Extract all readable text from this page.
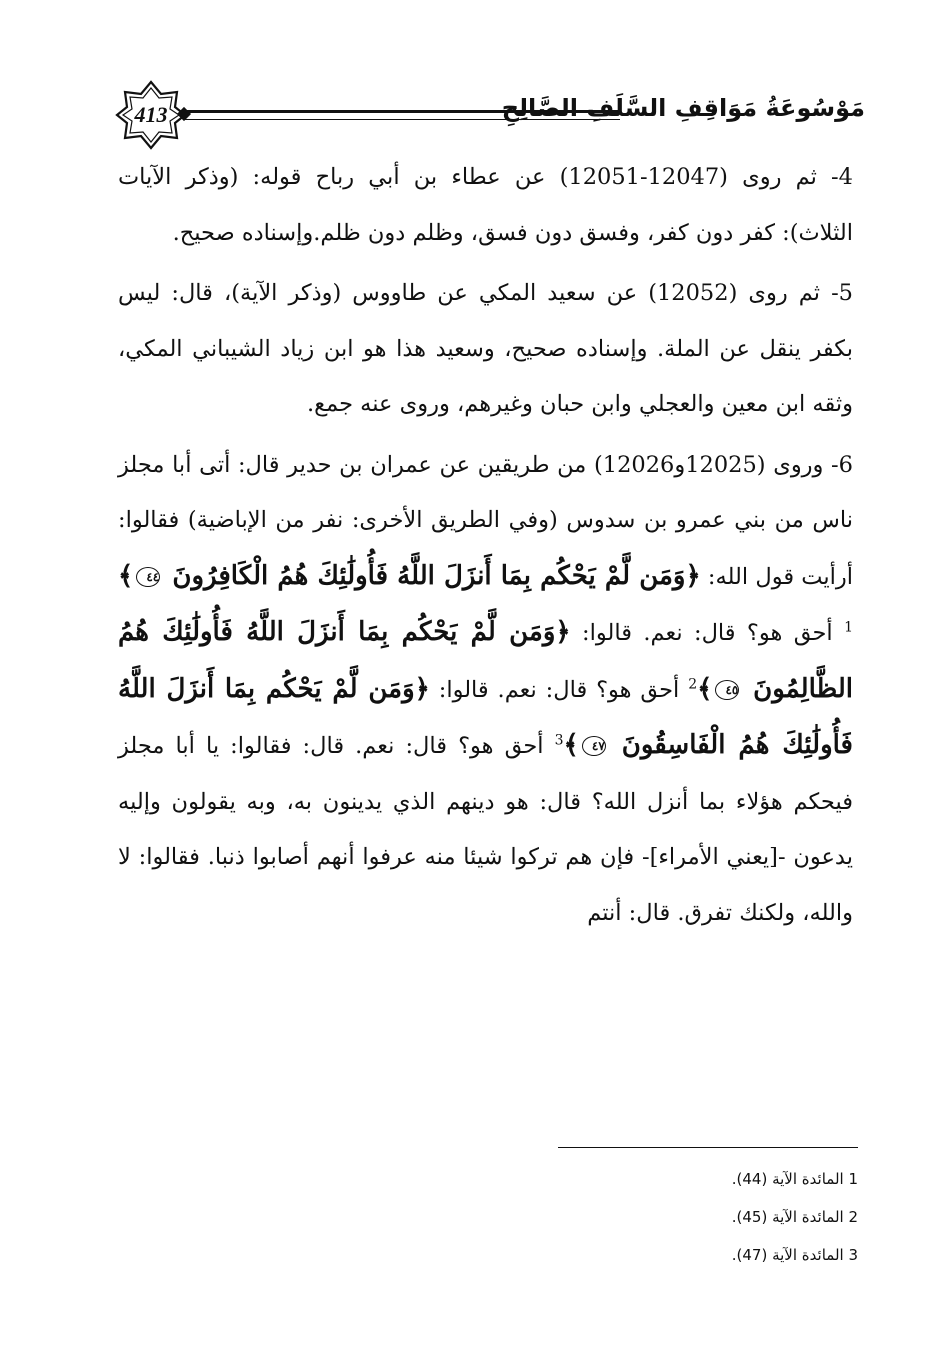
413	مَوْسُوعَةُ مَوَاقِفِ السَّلَفِ الصَّالِحِ

4- ثم روى (12047-12051) عن عطاء بن أبي رباح قوله: (وذكر الآيات الثلاث): كفر دون كفر، وفسق دون فسق، وظلم دون ظلم.وإسناده صحيح.

5- ثم روى (12052) عن سعيد المكي عن طاووس (وذكر الآية)، قال: ليس بكفر ينقل عن الملة. وإسناده صحيح، وسعيد هذا هو ابن زياد الشيباني المكي، وثقه ابن معين والعجلي وابن حبان وغيرهم، وروى عنه جمع.

6- وروى (12025و12026) من طريقين عن عمران بن حدير قال: أتى أبا مجلز ناس من بني عمرو بن سدوس (وفي الطريق الأخرى: نفر من الإباضية) فقالوا: أرأيت قول الله: ﴿وَمَن لَّمْ يَحْكُم بِمَا أَنزَلَ اللَّهُ فَأُولَٰئِكَ هُمُ الْكَافِرُونَ ٤٤﴾$^1$ أحق هو؟ قال: نعم. قالوا: ﴿وَمَن لَّمْ يَحْكُم بِمَا أَنزَلَ اللَّهُ فَأُولَٰئِكَ هُمُ الظَّالِمُونَ ٤٥﴾$^2$ أحق هو؟ قال: نعم. قالوا: ﴿وَمَن لَّمْ يَحْكُم بِمَا أَنزَلَ اللَّهُ فَأُولَٰئِكَ هُمُ الْفَاسِقُونَ ٤٧﴾$^3$ أحق هو؟ قال: نعم. قال: فقالوا: يا أبا مجلز فيحكم هؤلاء بما أنزل الله؟ قال: هو دينهم الذي يدينون به، وبه يقولون وإليه يدعون -[يعني الأمراء]- فإن هم تركوا شيئا منه عرفوا أنهم أصابوا ذنبا. فقالوا: لا والله، ولكنك تفرق. قال: أنتم

1 المائدة الآية (44).
2 المائدة الآية (45).
3 المائدة الآية (47).
